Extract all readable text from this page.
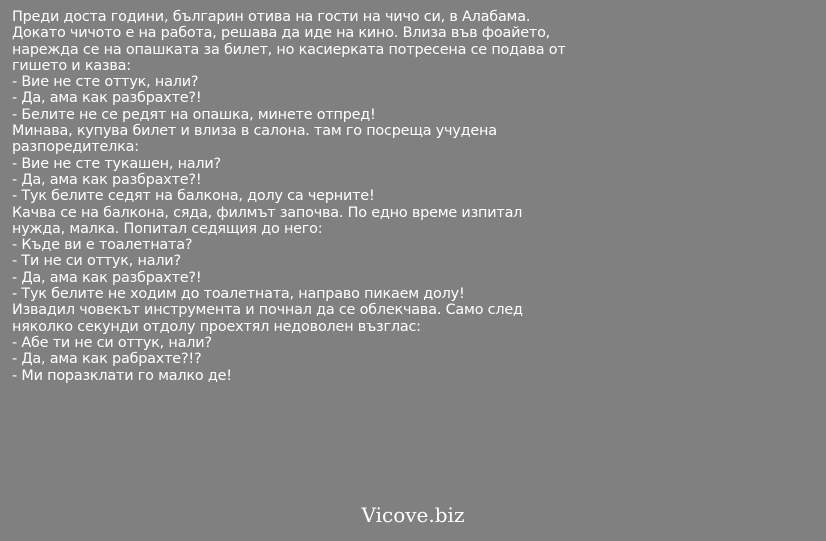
Преди доста години, българин отива на гости на чичо си, в Алабама.
Докато чичото е на работа, решава да иде на кино. Влиза във фоайето,
нарежда се на опашката за билет, но касиерката потресена се подава от
гишето и казва:
- Вие не сте оттук, нали?
- Да, ама как разбрахте?!
- Белите не се редят на опашка, минете отпред!
Минава, купува билет и влиза в салона. там го посреща учудена
разпоредителка:
- Вие не сте тукашен, нали?
- Да, ама как разбрахте?!
- Тук белите седят на балкона, долу са черните!
Качва се на балкона, сяда, филмът започва. По едно време изпитал
нужда, малка. Попитал седящия до него:
- Къде ви е тоалетната?
- Ти не си оттук, нали?
- Да, ама как разбрахте?!
- Тук белите не ходим до тоалетната, направо пикаем долу!
Извадил човекът инструмента и почнал да се облекчава. Само след
няколко секунди отдолу проехтял недоволен възглас:
- Абе ти не си оттук, нали?
- Да, ама как рабрахте?!?
- Ми поразклати го малко де!
Vicove.biz
